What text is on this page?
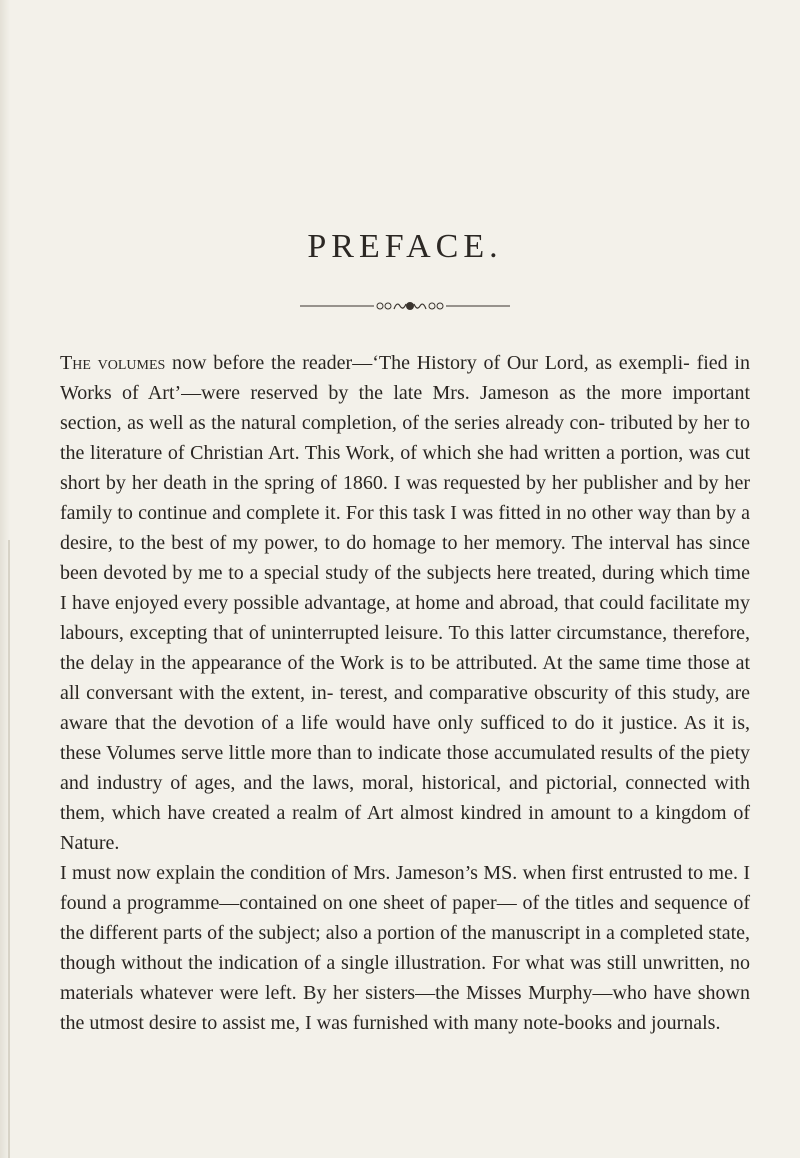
PREFACE.

The volumes now before the reader—‘The History of Our Lord, as exempli- fied in Works of Art’—were reserved by the late Mrs. Jameson as the more important section, as well as the natural completion, of the series already con- tributed by her to the literature of Christian Art. This Work, of which she had written a portion, was cut short by her death in the spring of 1860. I was requested by her publisher and by her family to continue and complete it. For this task I was fitted in no other way than by a desire, to the best of my power, to do homage to her memory. The interval has since been devoted by me to a special study of the subjects here treated, during which time I have enjoyed every possible advantage, at home and abroad, that could facilitate my labours, excepting that of uninterrupted leisure. To this latter circumstance, therefore, the delay in the appearance of the Work is to be attributed. At the same time those at all conversant with the extent, in- terest, and comparative obscurity of this study, are aware that the devotion of a life would have only sufficed to do it justice. As it is, these Volumes serve little more than to indicate those accumulated results of the piety and industry of ages, and the laws, moral, historical, and pictorial, connected with them, which have created a realm of Art almost kindred in amount to a kingdom of Nature.

I must now explain the condition of Mrs. Jameson’s MS. when first entrusted to me. I found a programme—contained on one sheet of paper— of the titles and sequence of the different parts of the subject; also a portion of the manuscript in a completed state, though without the indication of a single illustration. For what was still unwritten, no materials whatever were left. By her sisters—the Misses Murphy—who have shown the utmost desire to assist me, I was furnished with many note-books and journals.
